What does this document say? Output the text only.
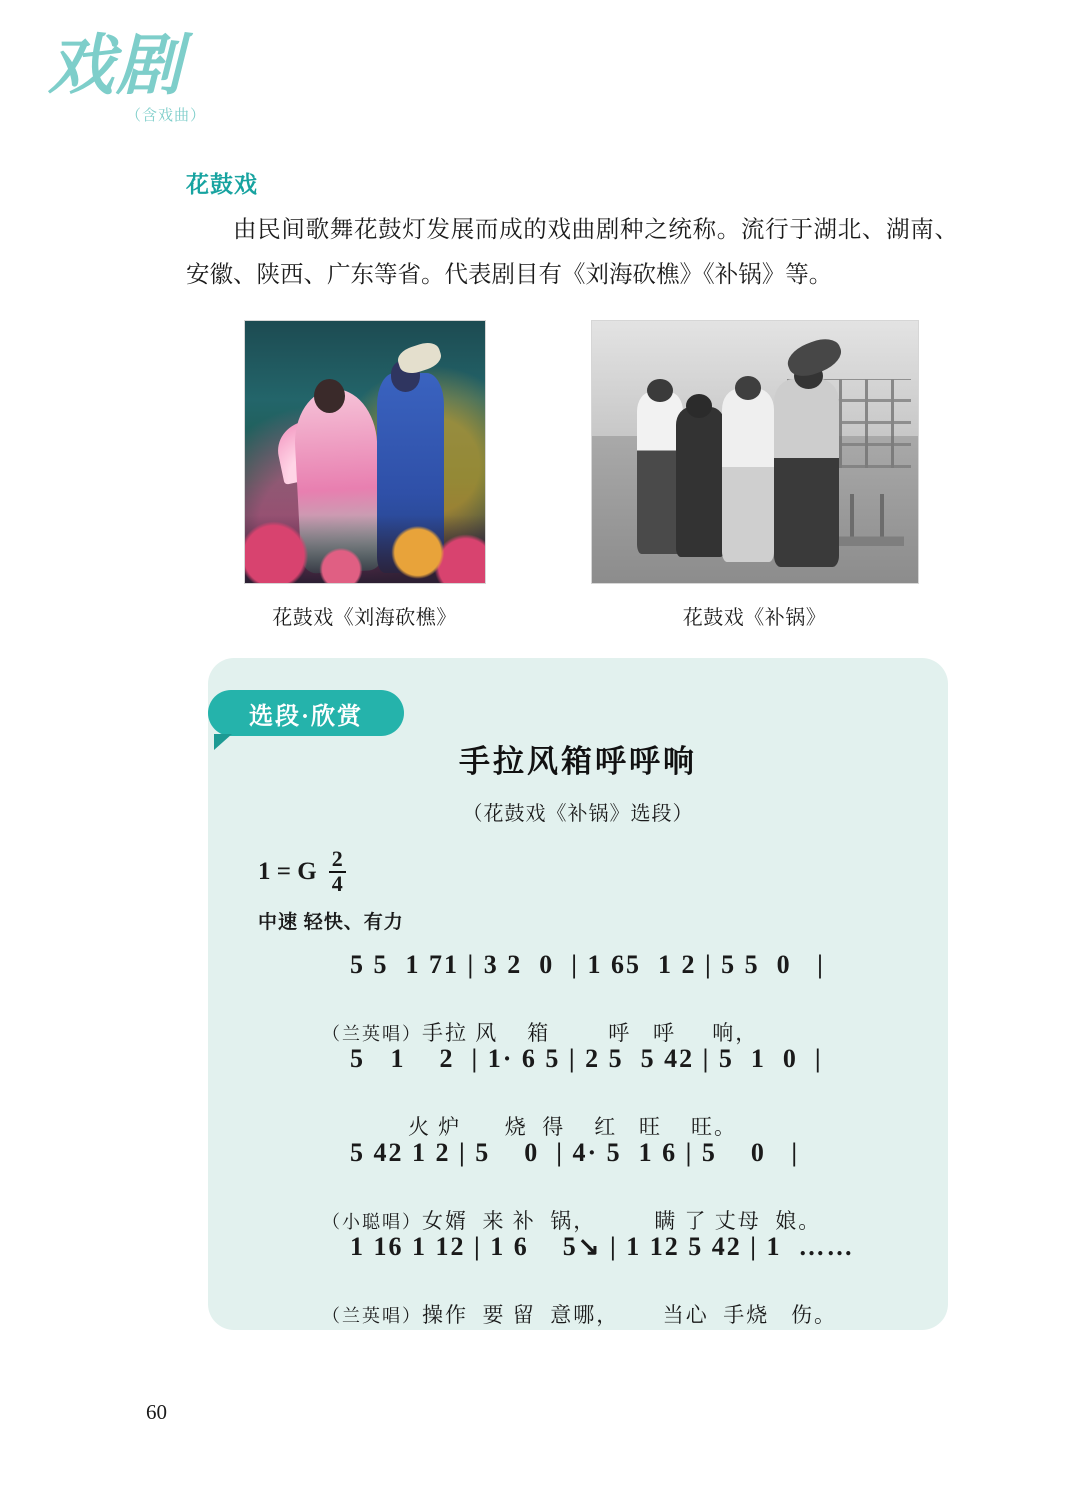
戏剧
（含戏曲）
花鼓戏
由民间歌舞花鼓灯发展而成的戏曲剧种之统称。流行于湖北、湖南、安徽、陕西、广东等省。代表剧目有《刘海砍樵》《补锅》等。
花鼓戏《刘海砍樵》	花鼓戏《补锅》
选段·欣赏
手拉风箱呼呼响
（花鼓戏《补锅》选段）
1 = G $\frac{2}{4}$
中速 轻快、有力
5 5  1 71 | 3 2  0  | 1 65  1 2 | 5 5  0   |

（兰英唱）手拉 风    箱        呼   呼     响，

5   1    2  | 1· 6 5 | 2 5  5 42 | 5  1  0  |

火 炉      烧  得    红   旺    旺。

5 42 1 2 | 5    0  | 4· 5  1 6 | 5    0   |

（小聪唱）女婿  来 补  锅，        瞒 了 丈母  娘。

1 16 1 12 | 1 6    5↘ | 1 12 5 42 | 1  ……

（兰英唱）操作  要 留  意哪，      当心  手烧   伤。

60
